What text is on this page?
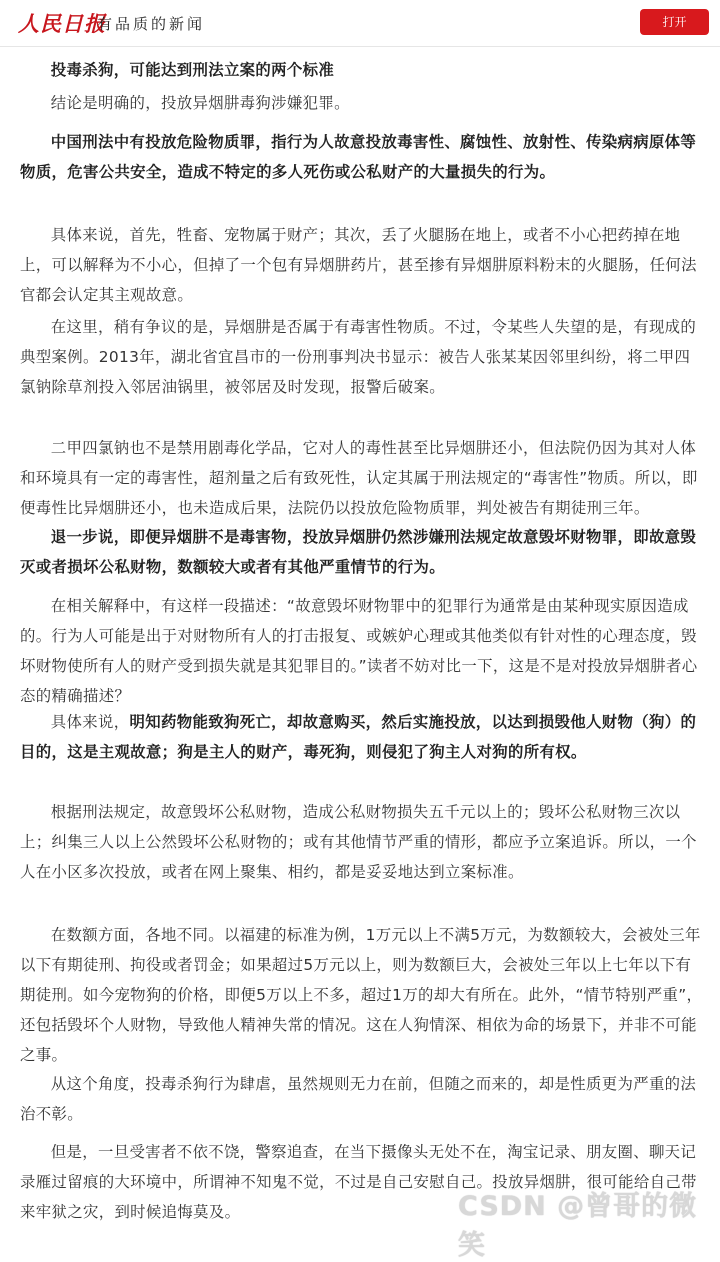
人民日报
有品质的新闻	打开

投毒杀狗，可能达到刑法立案的两个标准

结论是明确的，投放异烟肼毒狗涉嫌犯罪。

中国刑法中有投放危险物质罪，指行为人故意投放毒害性、腐蚀性、放射性、传染病病原体等物质，危害公共安全，造成不特定的多人死伤或公私财产的大量损失的行为。

具体来说，首先，牲畜、宠物属于财产；其次，丢了火腿肠在地上，或者不小心把药掉在地上，可以解释为不小心，但掉了一个包有异烟肼药片，甚至掺有异烟肼原料粉末的火腿肠，任何法官都会认定其主观故意。

在这里，稍有争议的是，异烟肼是否属于有毒害性物质。不过，令某些人失望的是，有现成的典型案例。2013年，湖北省宜昌市的一份刑事判决书显示：被告人张某某因邻里纠纷，将二甲四氯钠除草剂投入邻居油锅里，被邻居及时发现，报警后破案。

二甲四氯钠也不是禁用剧毒化学品，它对人的毒性甚至比异烟肼还小，但法院仍因为其对人体和环境具有一定的毒害性，超剂量之后有致死性，认定其属于刑法规定的“毒害性”物质。所以，即便毒性比异烟肼还小，也未造成后果，法院仍以投放危险物质罪，判处被告有期徒刑三年。

退一步说，即便异烟肼不是毒害物，投放异烟肼仍然涉嫌刑法规定故意毁坏财物罪，即故意毁灭或者损坏公私财物，数额较大或者有其他严重情节的行为。

在相关解释中，有这样一段描述：“故意毁坏财物罪中的犯罪行为通常是由某种现实原因造成的。行为人可能是出于对财物所有人的打击报复、或嫉妒心理或其他类似有针对性的心理态度，毁坏财物使所有人的财产受到损失就是其犯罪目的。”读者不妨对比一下，这是不是对投放异烟肼者心态的精确描述？

具体来说，明知药物能致狗死亡，却故意购买，然后实施投放，以达到损毁他人财物（狗）的目的，这是主观故意；狗是主人的财产，毒死狗，则侵犯了狗主人对狗的所有权。

根据刑法规定，故意毁坏公私财物，造成公私财物损失五千元以上的；毁坏公私财物三次以上；纠集三人以上公然毁坏公私财物的；或有其他情节严重的情形，都应予立案追诉。所以，一个人在小区多次投放，或者在网上聚集、相约，都是妥妥地达到立案标准。

在数额方面，各地不同。以福建的标准为例，1万元以上不满5万元，为数额较大，会被处三年以下有期徒刑、拘役或者罚金；如果超过5万元以上，则为数额巨大，会被处三年以上七年以下有期徒刑。如今宠物狗的价格，即便5万以上不多，超过1万的却大有所在。此外，“情节特别严重”，还包括毁坏个人财物，导致他人精神失常的情况。这在人狗情深、相依为命的场景下，并非不可能之事。

从这个角度，投毒杀狗行为肆虐，虽然规则无力在前，但随之而来的，却是性质更为严重的法治不彰。

但是，一旦受害者不依不饶，警察追查，在当下摄像头无处不在，淘宝记录、朋友圈、聊天记录雁过留痕的大环境中，所谓神不知鬼不觉，不过是自己安慰自己。投放异烟肼，很可能给自己带来牢狱之灾，到时候追悔莫及。	CSDN @曾哥的微笑
